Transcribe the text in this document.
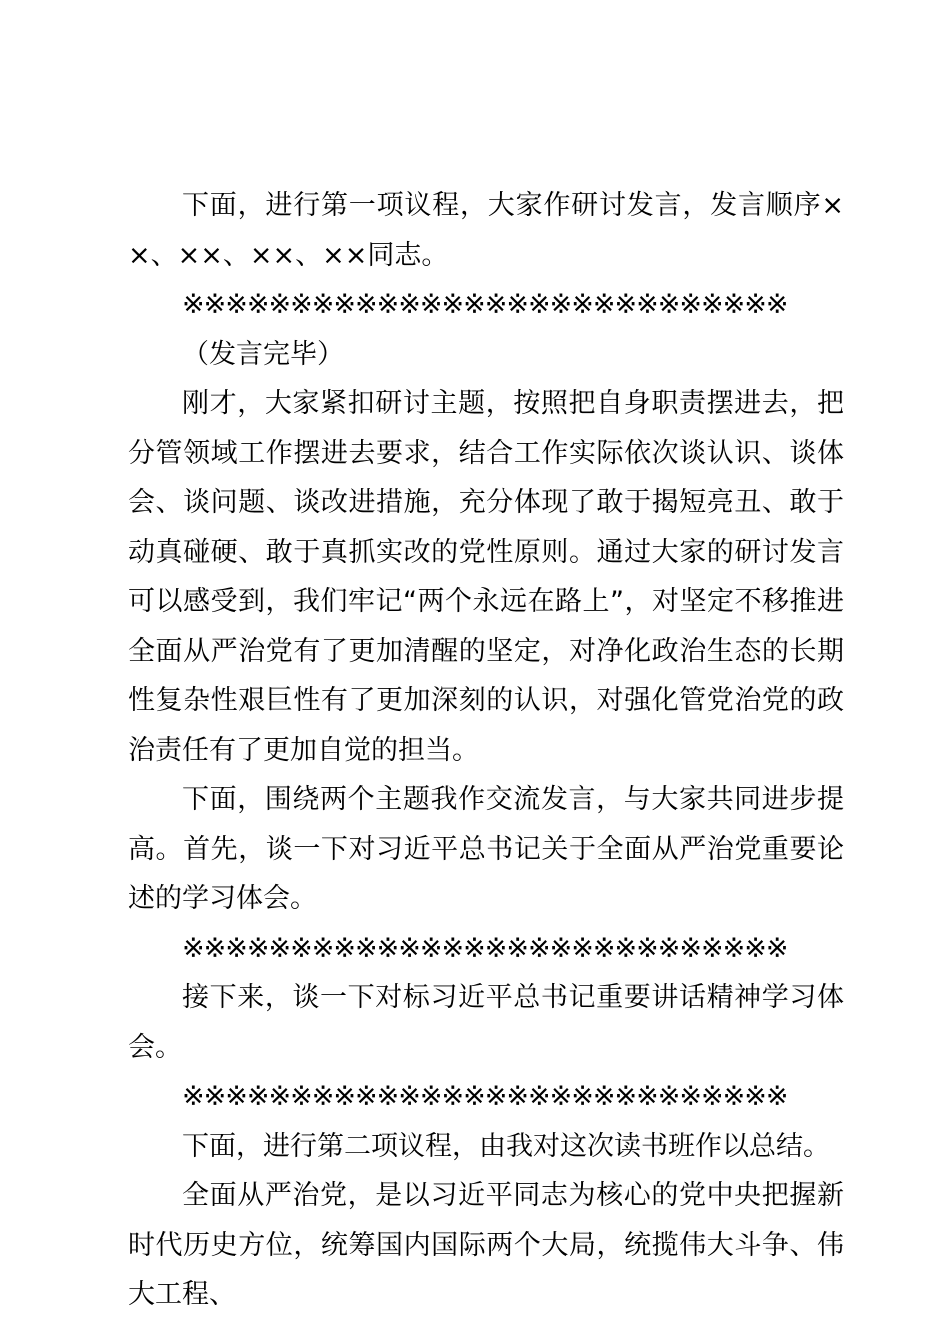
下面，进行第一项议程，大家作研讨发言，发言顺序××、××、××、××同志。

※※※※※※※※※※※※※※※※※※※※※※※※※※※※

（发言完毕）

刚才，大家紧扣研讨主题，按照把自身职责摆进去，把分管领域工作摆进去要求，结合工作实际依次谈认识、谈体会、谈问题、谈改进措施，充分体现了敢于揭短亮丑、敢于动真碰硬、敢于真抓实改的党性原则。通过大家的研讨发言可以感受到，我们牢记“两个永远在路上”，对坚定不移推进全面从严治党有了更加清醒的坚定，对净化政治生态的长期性复杂性艰巨性有了更加深刻的认识，对强化管党治党的政治责任有了更加自觉的担当。

下面，围绕两个主题我作交流发言，与大家共同进步提高。首先，谈一下对习近平总书记关于全面从严治党重要论述的学习体会。

※※※※※※※※※※※※※※※※※※※※※※※※※※※※

接下来，谈一下对标习近平总书记重要讲话精神学习体会。

※※※※※※※※※※※※※※※※※※※※※※※※※※※※

下面，进行第二项议程，由我对这次读书班作以总结。

全面从严治党，是以习近平同志为核心的党中央把握新时代历史方位，统筹国内国际两个大局，统揽伟大斗争、伟大工程、
